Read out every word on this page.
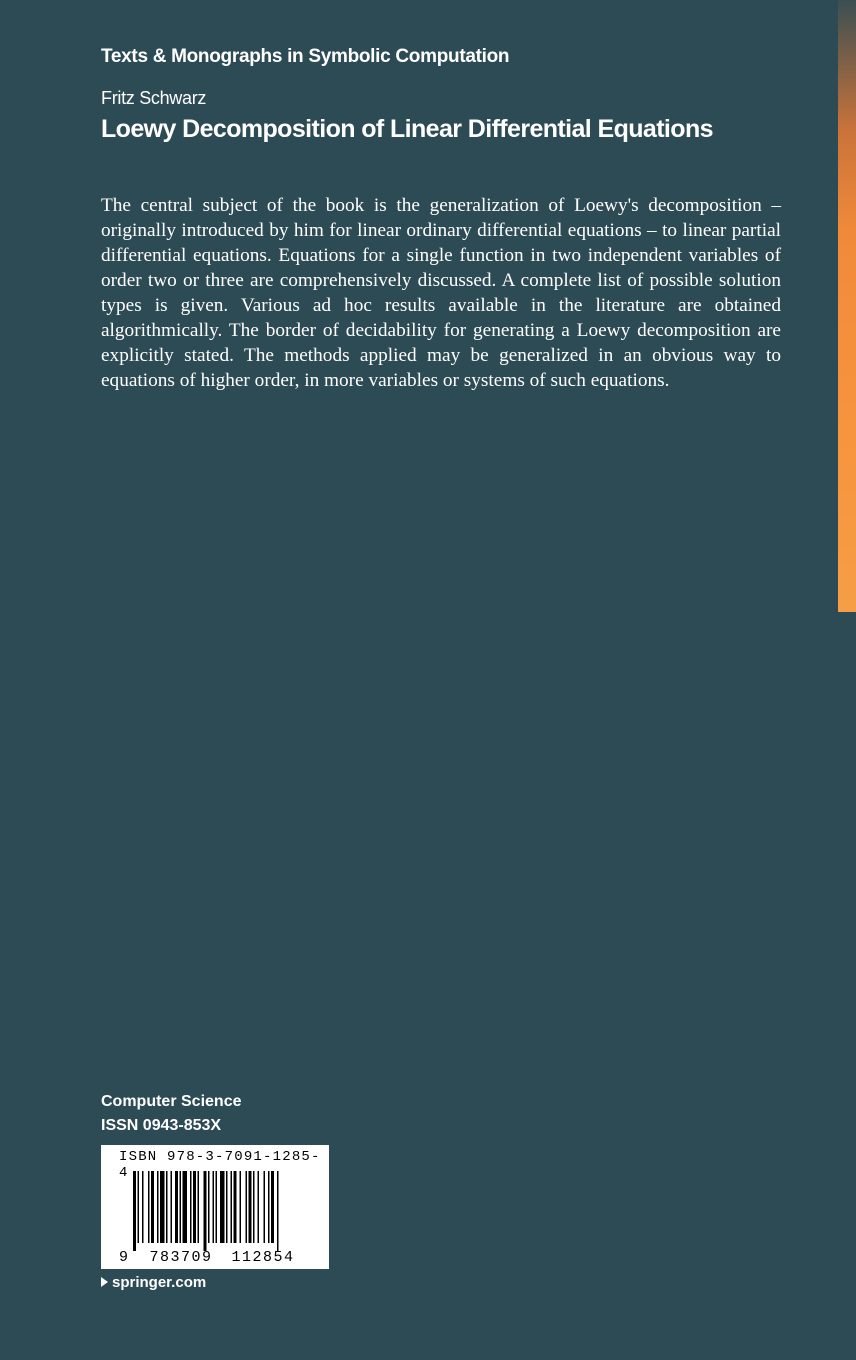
Texts & Monographs in Symbolic Computation

Fritz Schwarz

Loewy Decomposition of Linear Differential Equations

The central subject of the book is the generalization of Loewy's decomposition – originally introduced by him for linear ordinary differential equations – to linear partial differential equations. Equations for a single function in two independent variables of order two or three are comprehensively discussed. A complete list of possible solution types is given. Various ad hoc results available in the literature are obtained algorithmically. The border of decidability for generating a Loewy decomposition are explicitly stated. The methods applied may be generalized in an obvious way to equations of higher order, in more variables or systems of such equations.

Computer Science

ISSN 0943-853X

9 783709 112854

ISBN 978-3-7091-1285-4

springer.com
